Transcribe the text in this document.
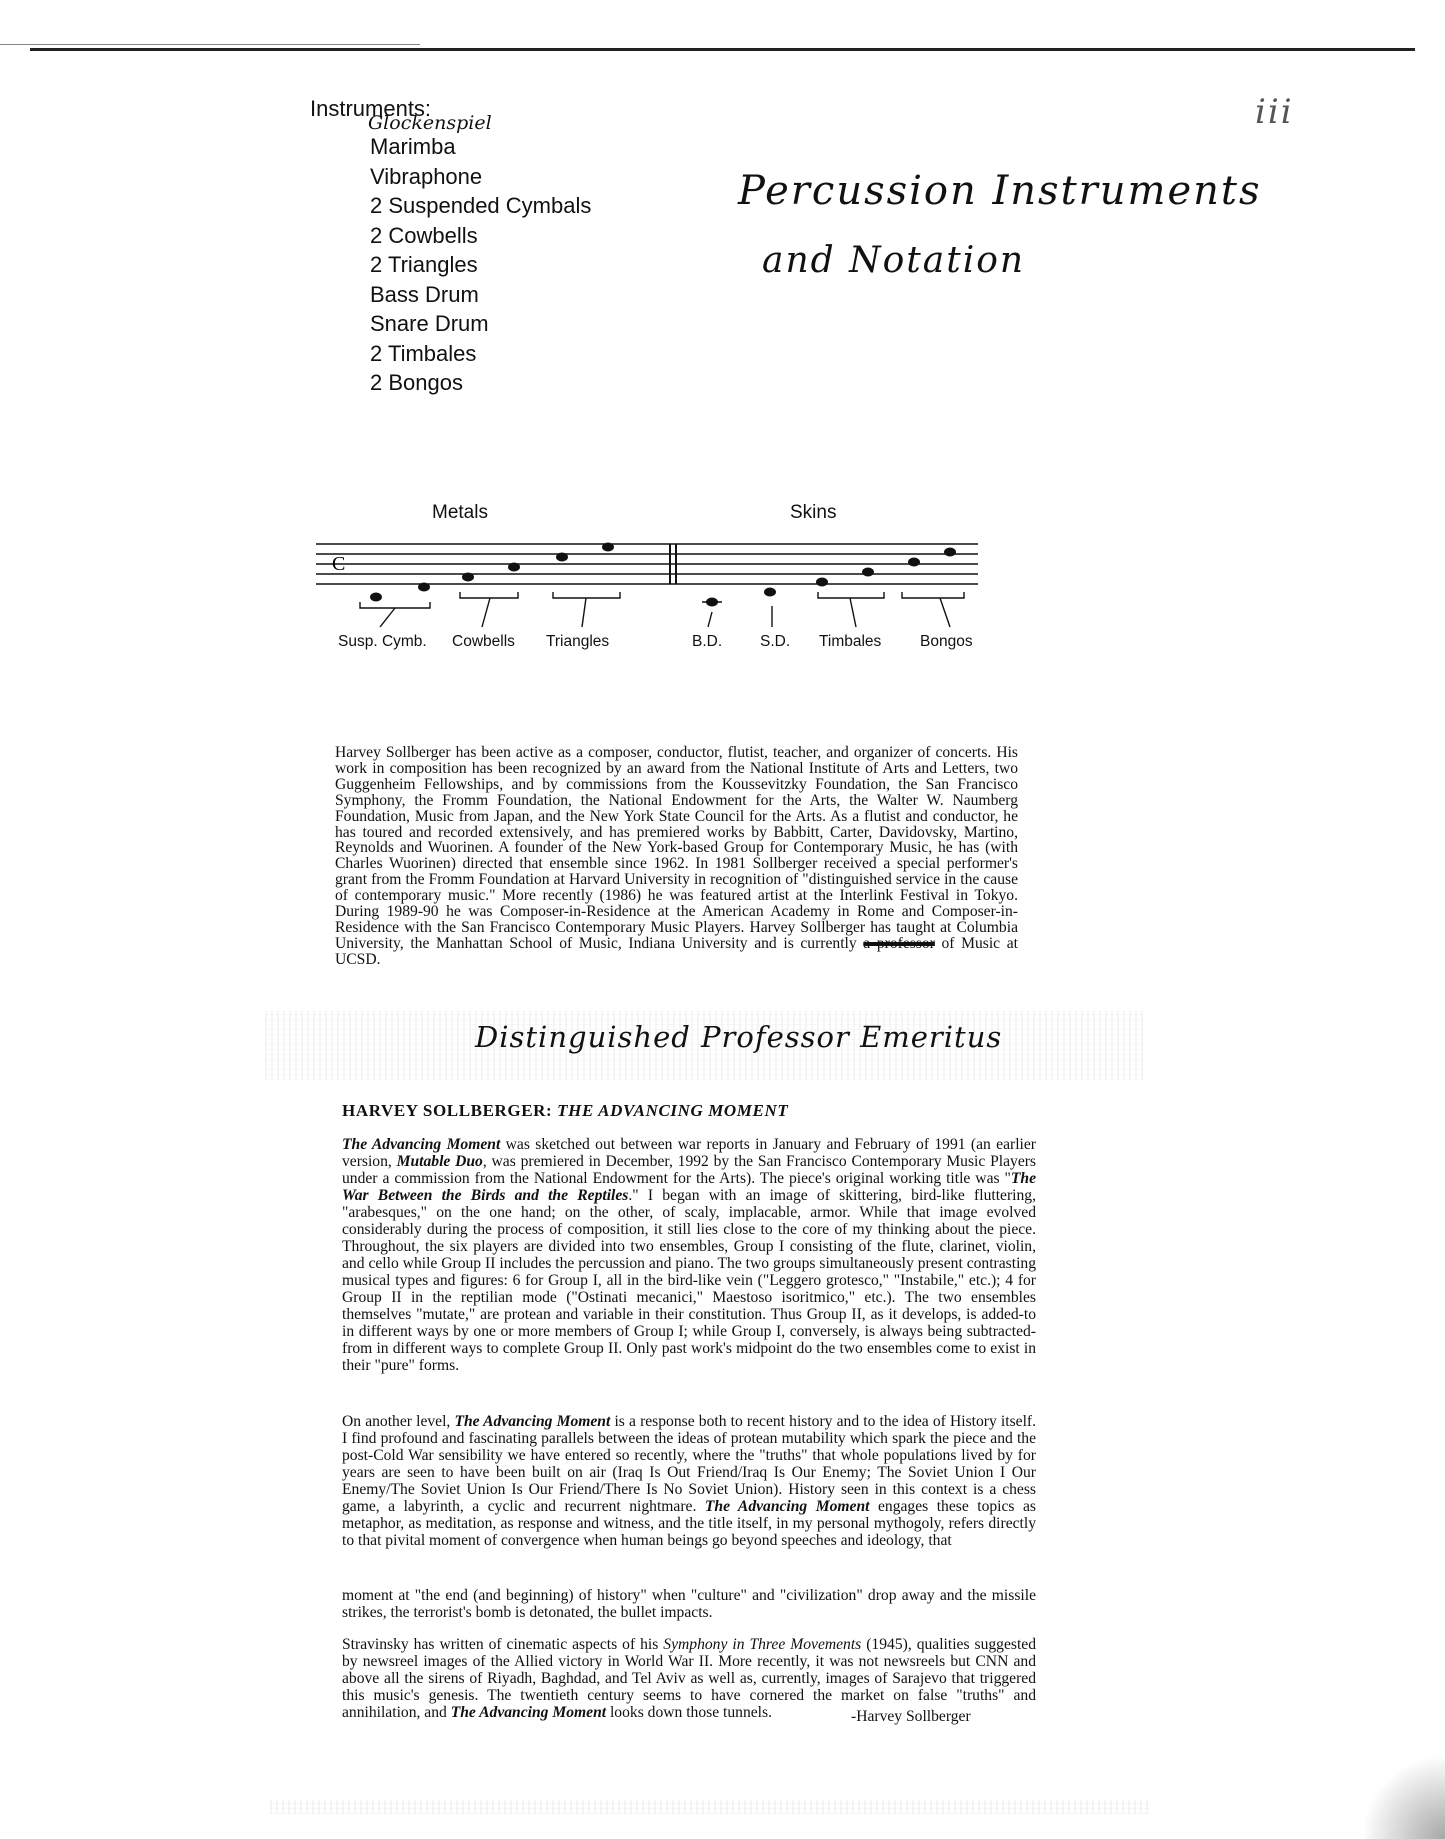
Instruments:
Glockenspiel
Marimba
Vibraphone
2 Suspended Cymbals
2 Cowbells
2 Triangles
Bass Drum
Snare Drum
2 Timbales
2 Bongos
iii
Percussion Instruments
and Notation
Metals	Skins
C
Susp. Cymb. Cowbells Triangles	B.D. S.D. Timbales Bongos

Harvey Sollberger has been active as a composer, conductor, flutist, teacher, and organizer of concerts. His work in composition has been recognized by an award from the National Institute of Arts and Letters, two Guggenheim Fellowships, and by commissions from the Koussevitzky Foundation, the San Francisco Symphony, the Fromm Foundation, the National Endowment for the Arts, the Walter W. Naumberg Foundation, Music from Japan, and the New York State Council for the Arts. As a flutist and conductor, he has toured and recorded extensively, and has premiered works by Babbitt, Carter, Davidovsky, Martino, Reynolds and Wuorinen. A founder of the New York-based Group for Contemporary Music, he has (with Charles Wuorinen) directed that ensemble since 1962. In 1981 Sollberger received a special performer's grant from the Fromm Foundation at Harvard University in recognition of "distinguished service in the cause of contemporary music." More recently (1986) he was featured artist at the Interlink Festival in Tokyo. During 1989-90 he was Composer-in-Residence at the American Academy in Rome and Composer-in-Residence with the San Francisco Contemporary Music Players. Harvey Sollberger has taught at Columbia University, the Manhattan School of Music, Indiana University and is currently a professor of Music at UCSD.

Distinguished Professor Emeritus
HARVEY SOLLBERGER: THE ADVANCING MOMENT

The Advancing Moment was sketched out between war reports in January and February of 1991 (an earlier version, Mutable Duo, was premiered in December, 1992 by the San Francisco Contemporary Music Players under a commission from the National Endowment for the Arts). The piece's original working title was "The War Between the Birds and the Reptiles." I began with an image of skittering, bird-like fluttering, "arabesques," on the one hand; on the other, of scaly, implacable, armor. While that image evolved considerably during the process of composition, it still lies close to the core of my thinking about the piece. Throughout, the six players are divided into two ensembles, Group I consisting of the flute, clarinet, violin, and cello while Group II includes the percussion and piano. The two groups simultaneously present contrasting musical types and figures: 6 for Group I, all in the bird-like vein ("Leggero grotesco," "Instabile," etc.); 4 for Group II in the reptilian mode ("Ostinati mecanici," Maestoso isoritmico," etc.). The two ensembles themselves "mutate," are protean and variable in their constitution. Thus Group II, as it develops, is added-to in different ways by one or more members of Group I; while Group I, conversely, is always being subtracted-from in different ways to complete Group II. Only past work's midpoint do the two ensembles come to exist in their "pure" forms.

On another level, The Advancing Moment is a response both to recent history and to the idea of History itself. I find profound and fascinating parallels between the ideas of protean mutability which spark the piece and the post-Cold War sensibility we have entered so recently, where the "truths" that whole populations lived by for years are seen to have been built on air (Iraq Is Out Friend/Iraq Is Our Enemy; The Soviet Union I Our Enemy/The Soviet Union Is Our Friend/There Is No Soviet Union). History seen in this context is a chess game, a labyrinth, a cyclic and recurrent nightmare. The Advancing Moment engages these topics as metaphor, as meditation, as response and witness, and the title itself, in my personal mythogoly, refers directly to that pivital moment of convergence when human beings go beyond speeches and ideology, that

moment at "the end (and beginning) of history" when "culture" and "civilization" drop away and the missile strikes, the terrorist's bomb is detonated, the bullet impacts.

Stravinsky has written of cinematic aspects of his Symphony in Three Movements (1945), qualities suggested by newsreel images of the Allied victory in World War II. More recently, it was not newsreels but CNN and above all the sirens of Riyadh, Baghdad, and Tel Aviv as well as, currently, images of Sarajevo that triggered this music's genesis. The twentieth century seems to have cornered the market on false "truths" and annihilation, and The Advancing Moment looks down those tunnels.	-Harvey Sollberger
